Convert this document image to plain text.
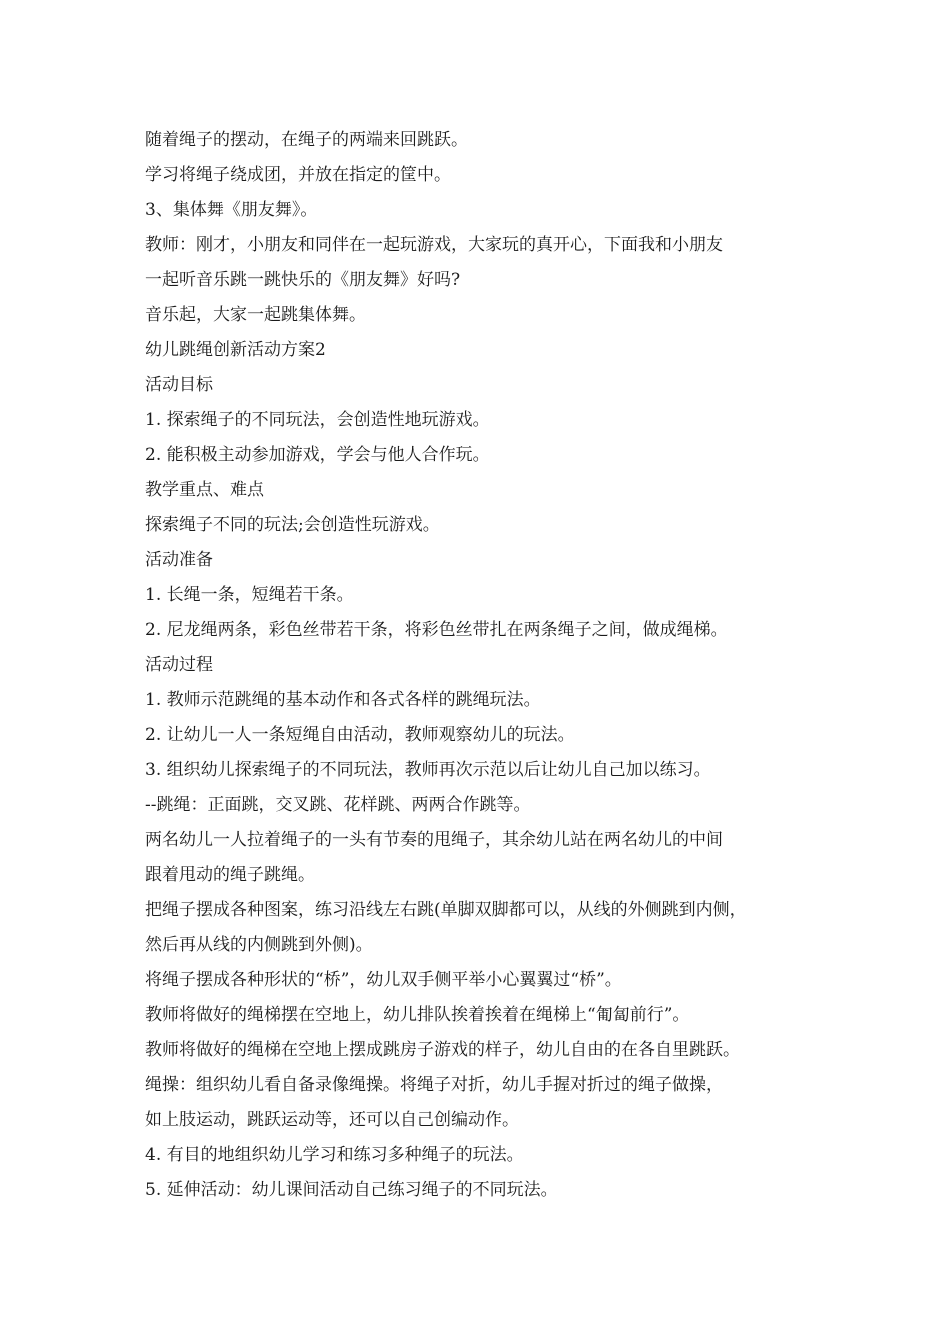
随着绳子的摆动，在绳子的两端来回跳跃。
学习将绳子绕成团，并放在指定的筐中。
3、集体舞《朋友舞》。
教师：刚才，小朋友和同伴在一起玩游戏，大家玩的真开心，下面我和小朋友
一起听音乐跳一跳快乐的《朋友舞》好吗?
音乐起，大家一起跳集体舞。
幼儿跳绳创新活动方案2
活动目标
1. 探索绳子的不同玩法，会创造性地玩游戏。
2. 能积极主动参加游戏，学会与他人合作玩。
教学重点、难点
探索绳子不同的玩法;会创造性玩游戏。
活动准备
1. 长绳一条，短绳若干条。
2. 尼龙绳两条，彩色丝带若干条，将彩色丝带扎在两条绳子之间，做成绳梯。
活动过程
1. 教师示范跳绳的基本动作和各式各样的跳绳玩法。
2. 让幼儿一人一条短绳自由活动，教师观察幼儿的玩法。
3. 组织幼儿探索绳子的不同玩法，教师再次示范以后让幼儿自己加以练习。
--跳绳：正面跳，交叉跳、花样跳、两两合作跳等。
两名幼儿一人拉着绳子的一头有节奏的甩绳子，其余幼儿站在两名幼儿的中间
跟着甩动的绳子跳绳。
把绳子摆成各种图案，练习沿线左右跳(单脚双脚都可以，从线的外侧跳到内侧，
然后再从线的内侧跳到外侧)。
将绳子摆成各种形状的“桥”，幼儿双手侧平举小心翼翼过“桥”。
教师将做好的绳梯摆在空地上，幼儿排队挨着挨着在绳梯上“匍匐前行”。
教师将做好的绳梯在空地上摆成跳房子游戏的样子，幼儿自由的在各自里跳跃。
绳操：组织幼儿看自备录像绳操。将绳子对折，幼儿手握对折过的绳子做操，
如上肢运动，跳跃运动等，还可以自己创编动作。
4. 有目的地组织幼儿学习和练习多种绳子的玩法。
5. 延伸活动：幼儿课间活动自己练习绳子的不同玩法。
